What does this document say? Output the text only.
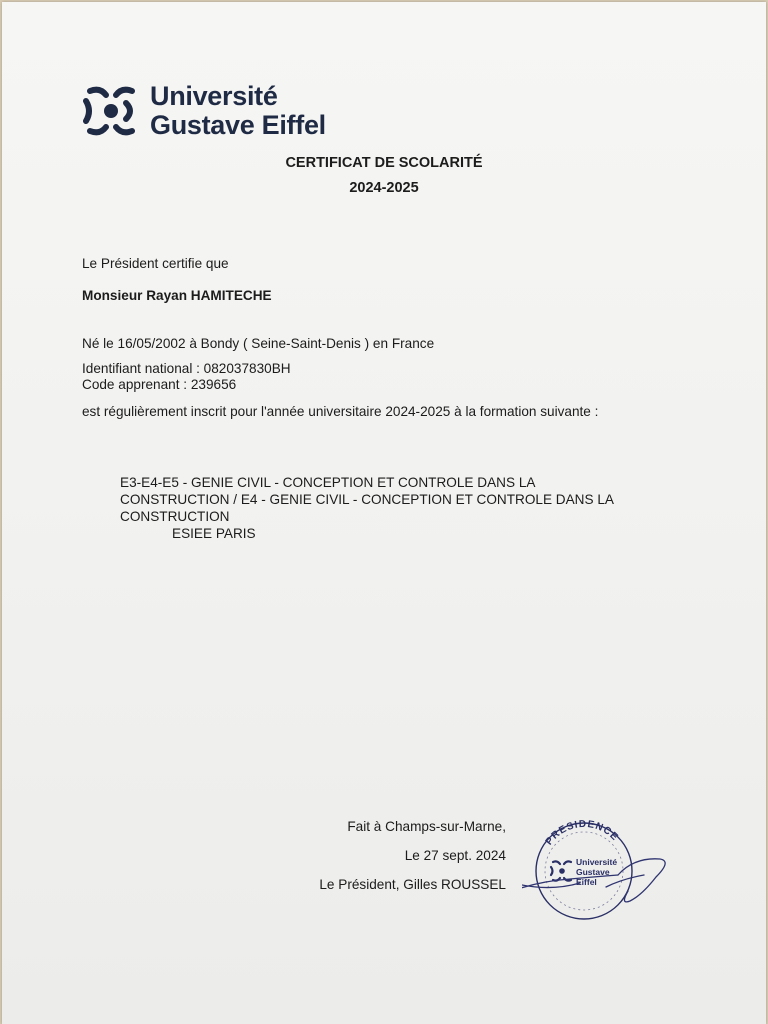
Université
Gustave Eiffel
CERTIFICAT DE SCOLARITÉ
2024-2025
Le Président certifie que
Monsieur Rayan HAMITECHE
Né le 16/05/2002 à Bondy ( Seine-Saint-Denis ) en France
Identifiant national : 082037830BH
Code apprenant : 239656
est régulièrement inscrit pour l'année universitaire 2024-2025 à la formation suivante :
E3-E4-E5 - GENIE CIVIL - CONCEPTION ET CONTROLE DANS LA
CONSTRUCTION / E4 - GENIE CIVIL - CONCEPTION ET CONTROLE DANS LA
CONSTRUCTION
ESIEE PARIS
Fait à Champs-sur-Marne,
Le 27 sept. 2024
Le Président, Gilles ROUSSEL
PRESIDENCE
Université
Gustave
Eiffel
